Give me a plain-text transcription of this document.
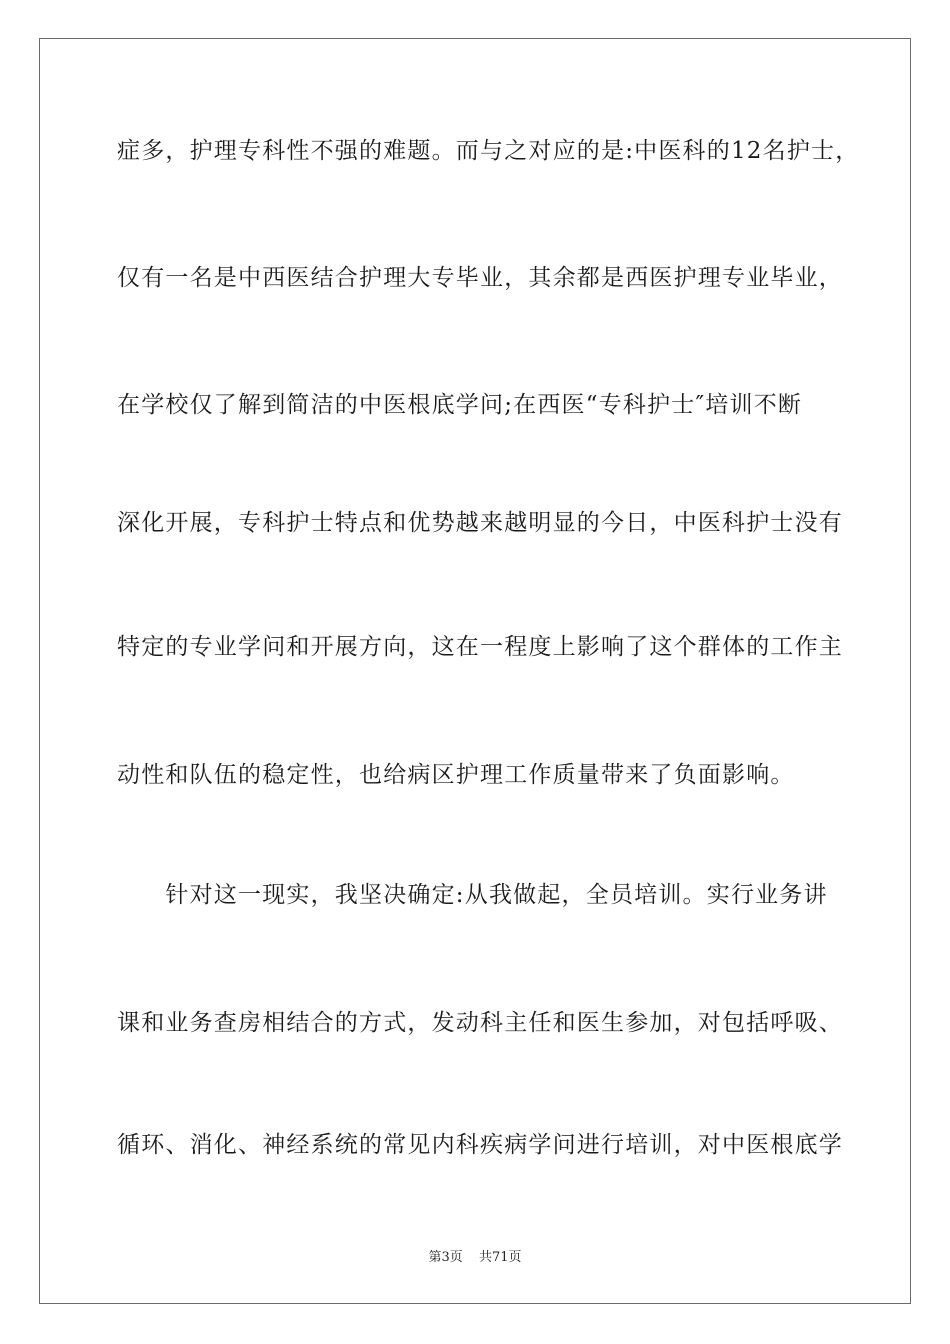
症多，护理专科性不强的难题。而与之对应的是:中医科的12名护士，
仅有一名是中西医结合护理大专毕业，其余都是西医护理专业毕业，
在学校仅了解到简洁的中医根底学问;在西医“专科护士″培训不断
深化开展，专科护士特点和优势越来越明显的今日，中医科护士没有
特定的专业学问和开展方向，这在一程度上影响了这个群体的工作主
动性和队伍的稳定性，也给病区护理工作质量带来了负面影响。
　　针对这一现实，我坚决确定:从我做起，全员培训。实行业务讲
课和业务查房相结合的方式，发动科主任和医生参加，对包括呼吸、
循环、消化、神经系统的常见内科疾病学问进行培训，对中医根底学
第3页 共71页
